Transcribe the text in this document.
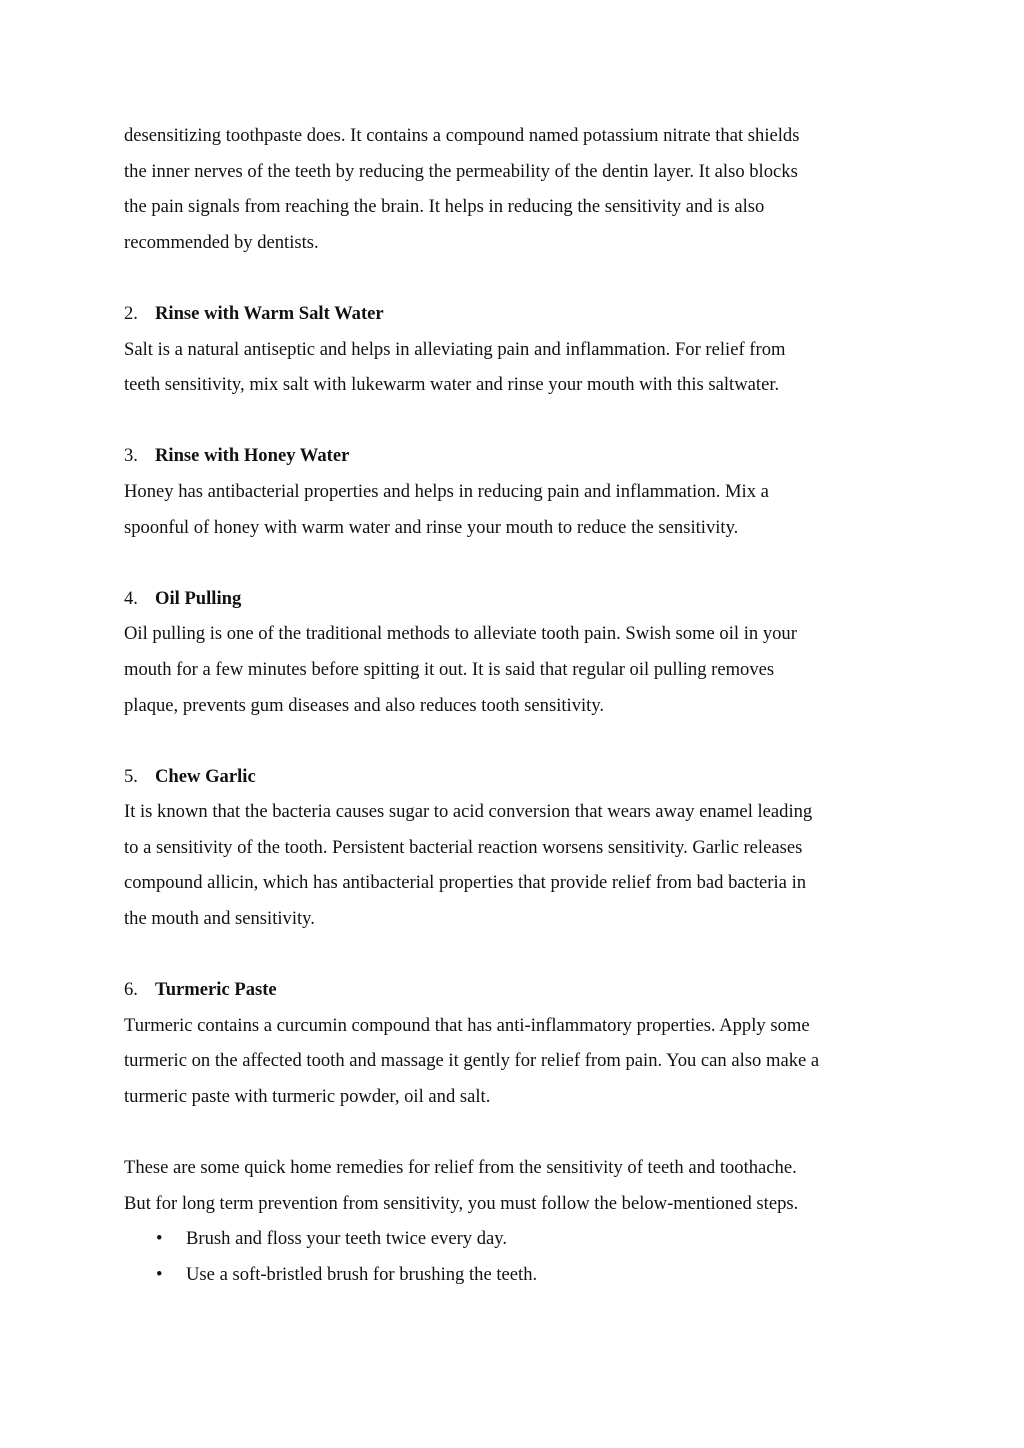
desensitizing toothpaste does. It contains a compound named potassium nitrate that shields
the inner nerves of the teeth by reducing the permeability of the dentin layer. It also blocks
the pain signals from reaching the brain. It helps in reducing the sensitivity and is also
recommended by dentists.
2. Rinse with Warm Salt Water
Salt is a natural antiseptic and helps in alleviating pain and inflammation. For relief from
teeth sensitivity, mix salt with lukewarm water and rinse your mouth with this saltwater.
3. Rinse with Honey Water
Honey has antibacterial properties and helps in reducing pain and inflammation. Mix a
spoonful of honey with warm water and rinse your mouth to reduce the sensitivity.
4. Oil Pulling
Oil pulling is one of the traditional methods to alleviate tooth pain. Swish some oil in your
mouth for a few minutes before spitting it out. It is said that regular oil pulling removes
plaque, prevents gum diseases and also reduces tooth sensitivity.
5. Chew Garlic
It is known that the bacteria causes sugar to acid conversion that wears away enamel leading
to a sensitivity of the tooth. Persistent bacterial reaction worsens sensitivity. Garlic releases
compound allicin, which has antibacterial properties that provide relief from bad bacteria in
the mouth and sensitivity.
6. Turmeric Paste
Turmeric contains a curcumin compound that has anti-inflammatory properties. Apply some
turmeric on the affected tooth and massage it gently for relief from pain. You can also make a
turmeric paste with turmeric powder, oil and salt.
These are some quick home remedies for relief from the sensitivity of teeth and toothache.
But for long term prevention from sensitivity, you must follow the below-mentioned steps.
• Brush and floss your teeth twice every day.
• Use a soft-bristled brush for brushing the teeth.
